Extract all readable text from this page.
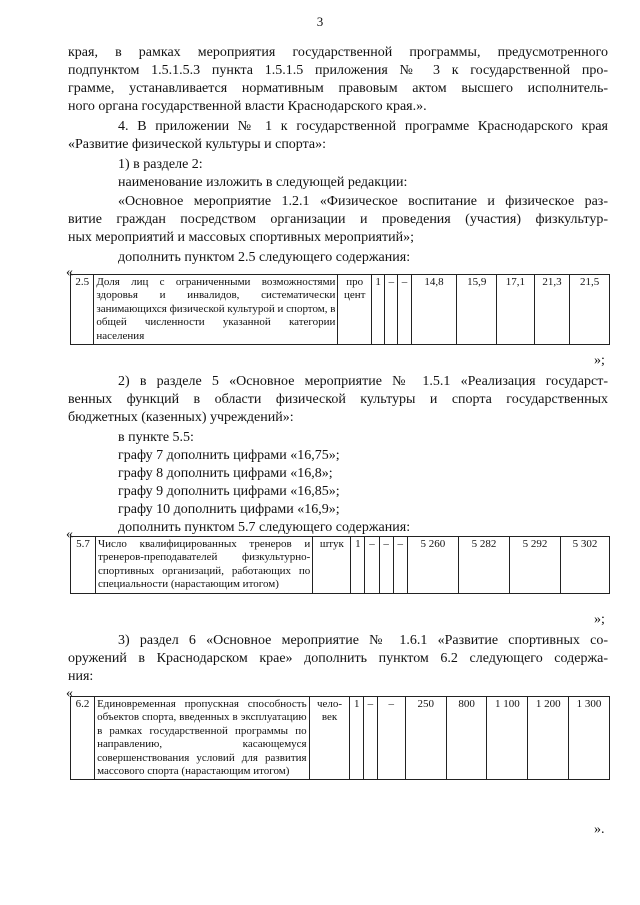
3
края, в рамках мероприятия государственной программы, предусмотренного
подпунктом 1.5.1.5.3 пункта 1.5.1.5 приложения № 3 к государственной про-
грамме, устанавливается нормативным правовым актом высшего исполнитель-
ного органа государственной власти Краснодарского края.».
4. В приложении № 1 к государственной программе Краснодарского края
«Развитие физической культуры и спорта»:
1) в разделе 2:
наименование изложить в следующей редакции:
«Основное мероприятие 1.2.1 «Физическое воспитание и физическое раз-
витие граждан посредством организации и проведения (участия) физкультур-
ных мероприятий и массовых спортивных мероприятий»;
дополнить пунктом 2.5 следующего содержания:
«
2.5	Доля лиц с ограниченными возможностями здоровья и инвалидов, систематически занимающихся физической культурой и спортом, в общей численности указанной категории населения	про цент	1	–	–	14,8	15,9	17,1	21,3	21,5
»;
2) в разделе 5 «Основное мероприятие № 1.5.1 «Реализация государст-
венных функций в области физической культуры и спорта государственных
бюджетных (казенных) учреждений»:
в пункте 5.5:
графу 7 дополнить цифрами «16,75»;
графу 8 дополнить цифрами «16,8»;
графу 9 дополнить цифрами «16,85»;
графу 10 дополнить цифрами «16,9»;
дополнить пунктом 5.7 следующего содержания:
«
5.7	Число квалифицированных тренеров и тренеров-преподавателей физкультурно-спортивных организаций, работающих по специальности (нарастающим итогом)	штук	1	–	–	–	5 260	5 282	5 292	5 302
»;
3) раздел 6 «Основное мероприятие № 1.6.1 «Развитие спортивных со-
оружений в Краснодарском крае» дополнить пунктом 6.2 следующего содержа-
ния:
«
6.2	Единовременная пропускная способность объектов спорта, введенных в эксплуатацию в рамках государственной программы по направлению, касающемуся совершенствования условий для развития массового спорта (нарастающим итогом)	чело-век	1	–	–	250	800	1 100	1 200	1 300
».
